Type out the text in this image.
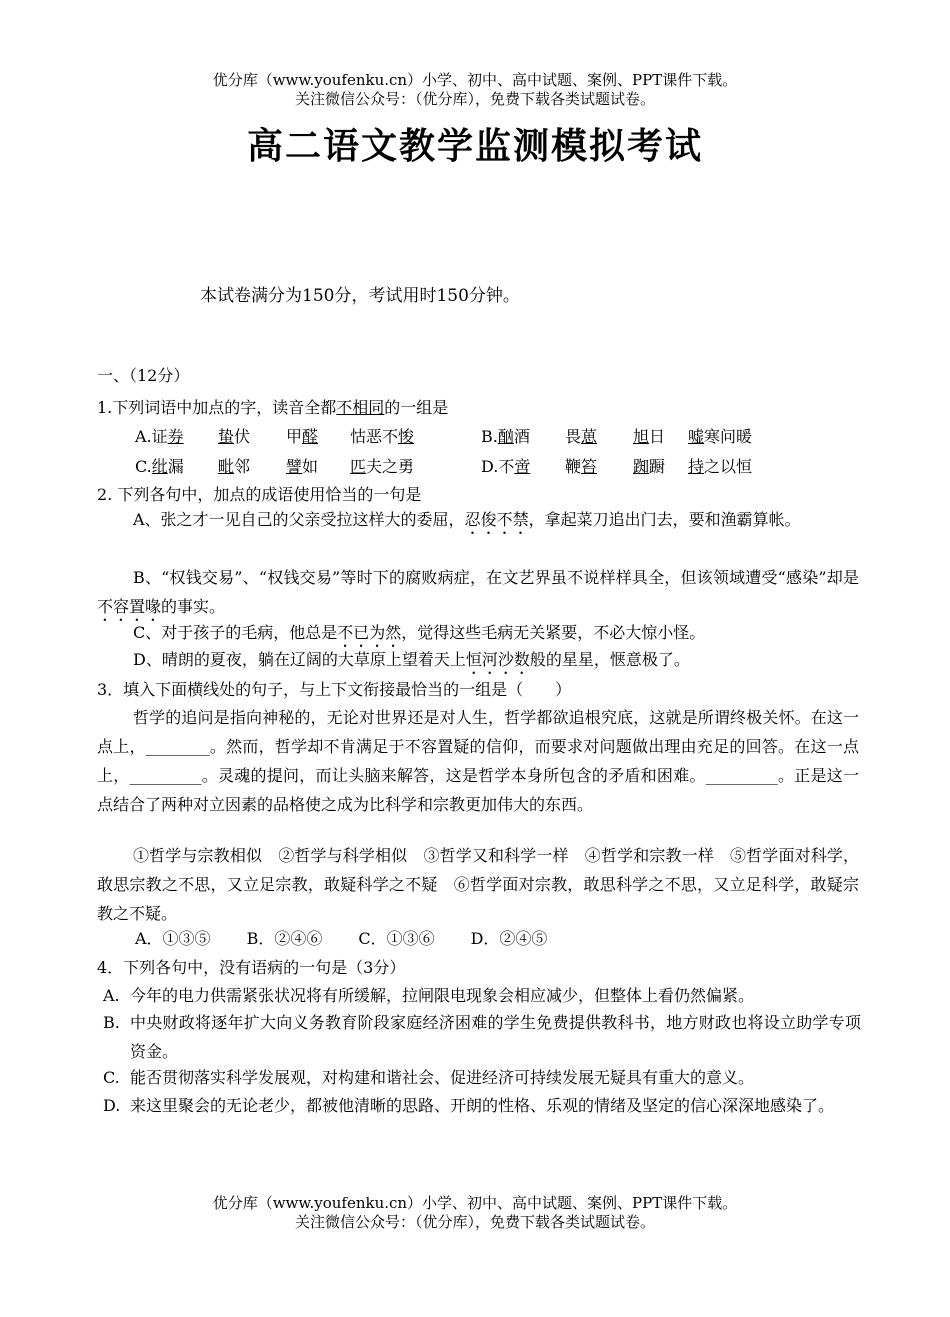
优分库（www.youfenku.cn）小学、初中、高中试题、案例、PPT课件下载。
关注微信公众号：（优分库），免费下载各类试题试卷。
高二语文教学监测模拟考试
本试卷满分为150分，考试用时150分钟。
一、（12分）
1.下列词语中加点的字，读音全都不相同的一组是
A.证券 蛰伏 甲醛 怙恶不悛	B.酗酒 畏葸 旭日 嘘寒问暖
C.纰漏 毗邻 譬如 匹夫之勇	D.不啻 鞭笞 踟蹰 持之以恒
2. 下列各句中，加点的成语使用恰当的一句是
A、张之才一见自己的父亲受拉这样大的委屈，忍俊不禁，拿起菜刀追出门去，要和渔霸算帐。
B、“权钱交易”、“权钱交易”等时下的腐败病症，在文艺界虽不说样样具全，但该领域遭受“感染”却是不容置喙的事实。
C、对于孩子的毛病，他总是不已为然，觉得这些毛病无关紧要，不必大惊小怪。
D、晴朗的夏夜，躺在辽阔的大草原上望着天上恒河沙数般的星星，惬意极了。
3．填入下面横线处的句子，与上下文衔接最恰当的一组是（　　）
哲学的追问是指向神秘的，无论对世界还是对人生，哲学都欲追根究底，这就是所谓终极关怀。在这一点上，________。然而，哲学却不肯满足于不容置疑的信仰，而要求对问题做出理由充足的回答。在这一点上，_________。灵魂的提问，而让头脑来解答，这是哲学本身所包含的矛盾和困难。_________。正是这一点结合了两种对立因素的品格使之成为比科学和宗教更加伟大的东西。
①哲学与宗教相似　②哲学与科学相似　③哲学又和科学一样　④哲学和宗教一样　⑤哲学面对科学，敢思宗教之不思，又立足宗教，敢疑科学之不疑　⑥哲学面对宗教，敢思科学之不思，又立足科学，敢疑宗教之不疑。
A．①③⑤ B．②④⑥ C．①③⑥ D．②④⑤
4．下列各句中，没有语病的一句是（3分）
A. 今年的电力供需紧张状况将有所缓解，拉闸限电现象会相应减少，但整体上看仍然偏紧。
B. 中央财政将逐年扩大向义务教育阶段家庭经济困难的学生免费提供教科书，地方财政也将设立助学专项资金。
C. 能否贯彻落实科学发展观，对构建和谐社会、促进经济可持续发展无疑具有重大的意义。
D. 来这里聚会的无论老少，都被他清晰的思路、开朗的性格、乐观的情绪及坚定的信心深深地感染了。
优分库（www.youfenku.cn）小学、初中、高中试题、案例、PPT课件下载。
关注微信公众号：（优分库），免费下载各类试题试卷。
